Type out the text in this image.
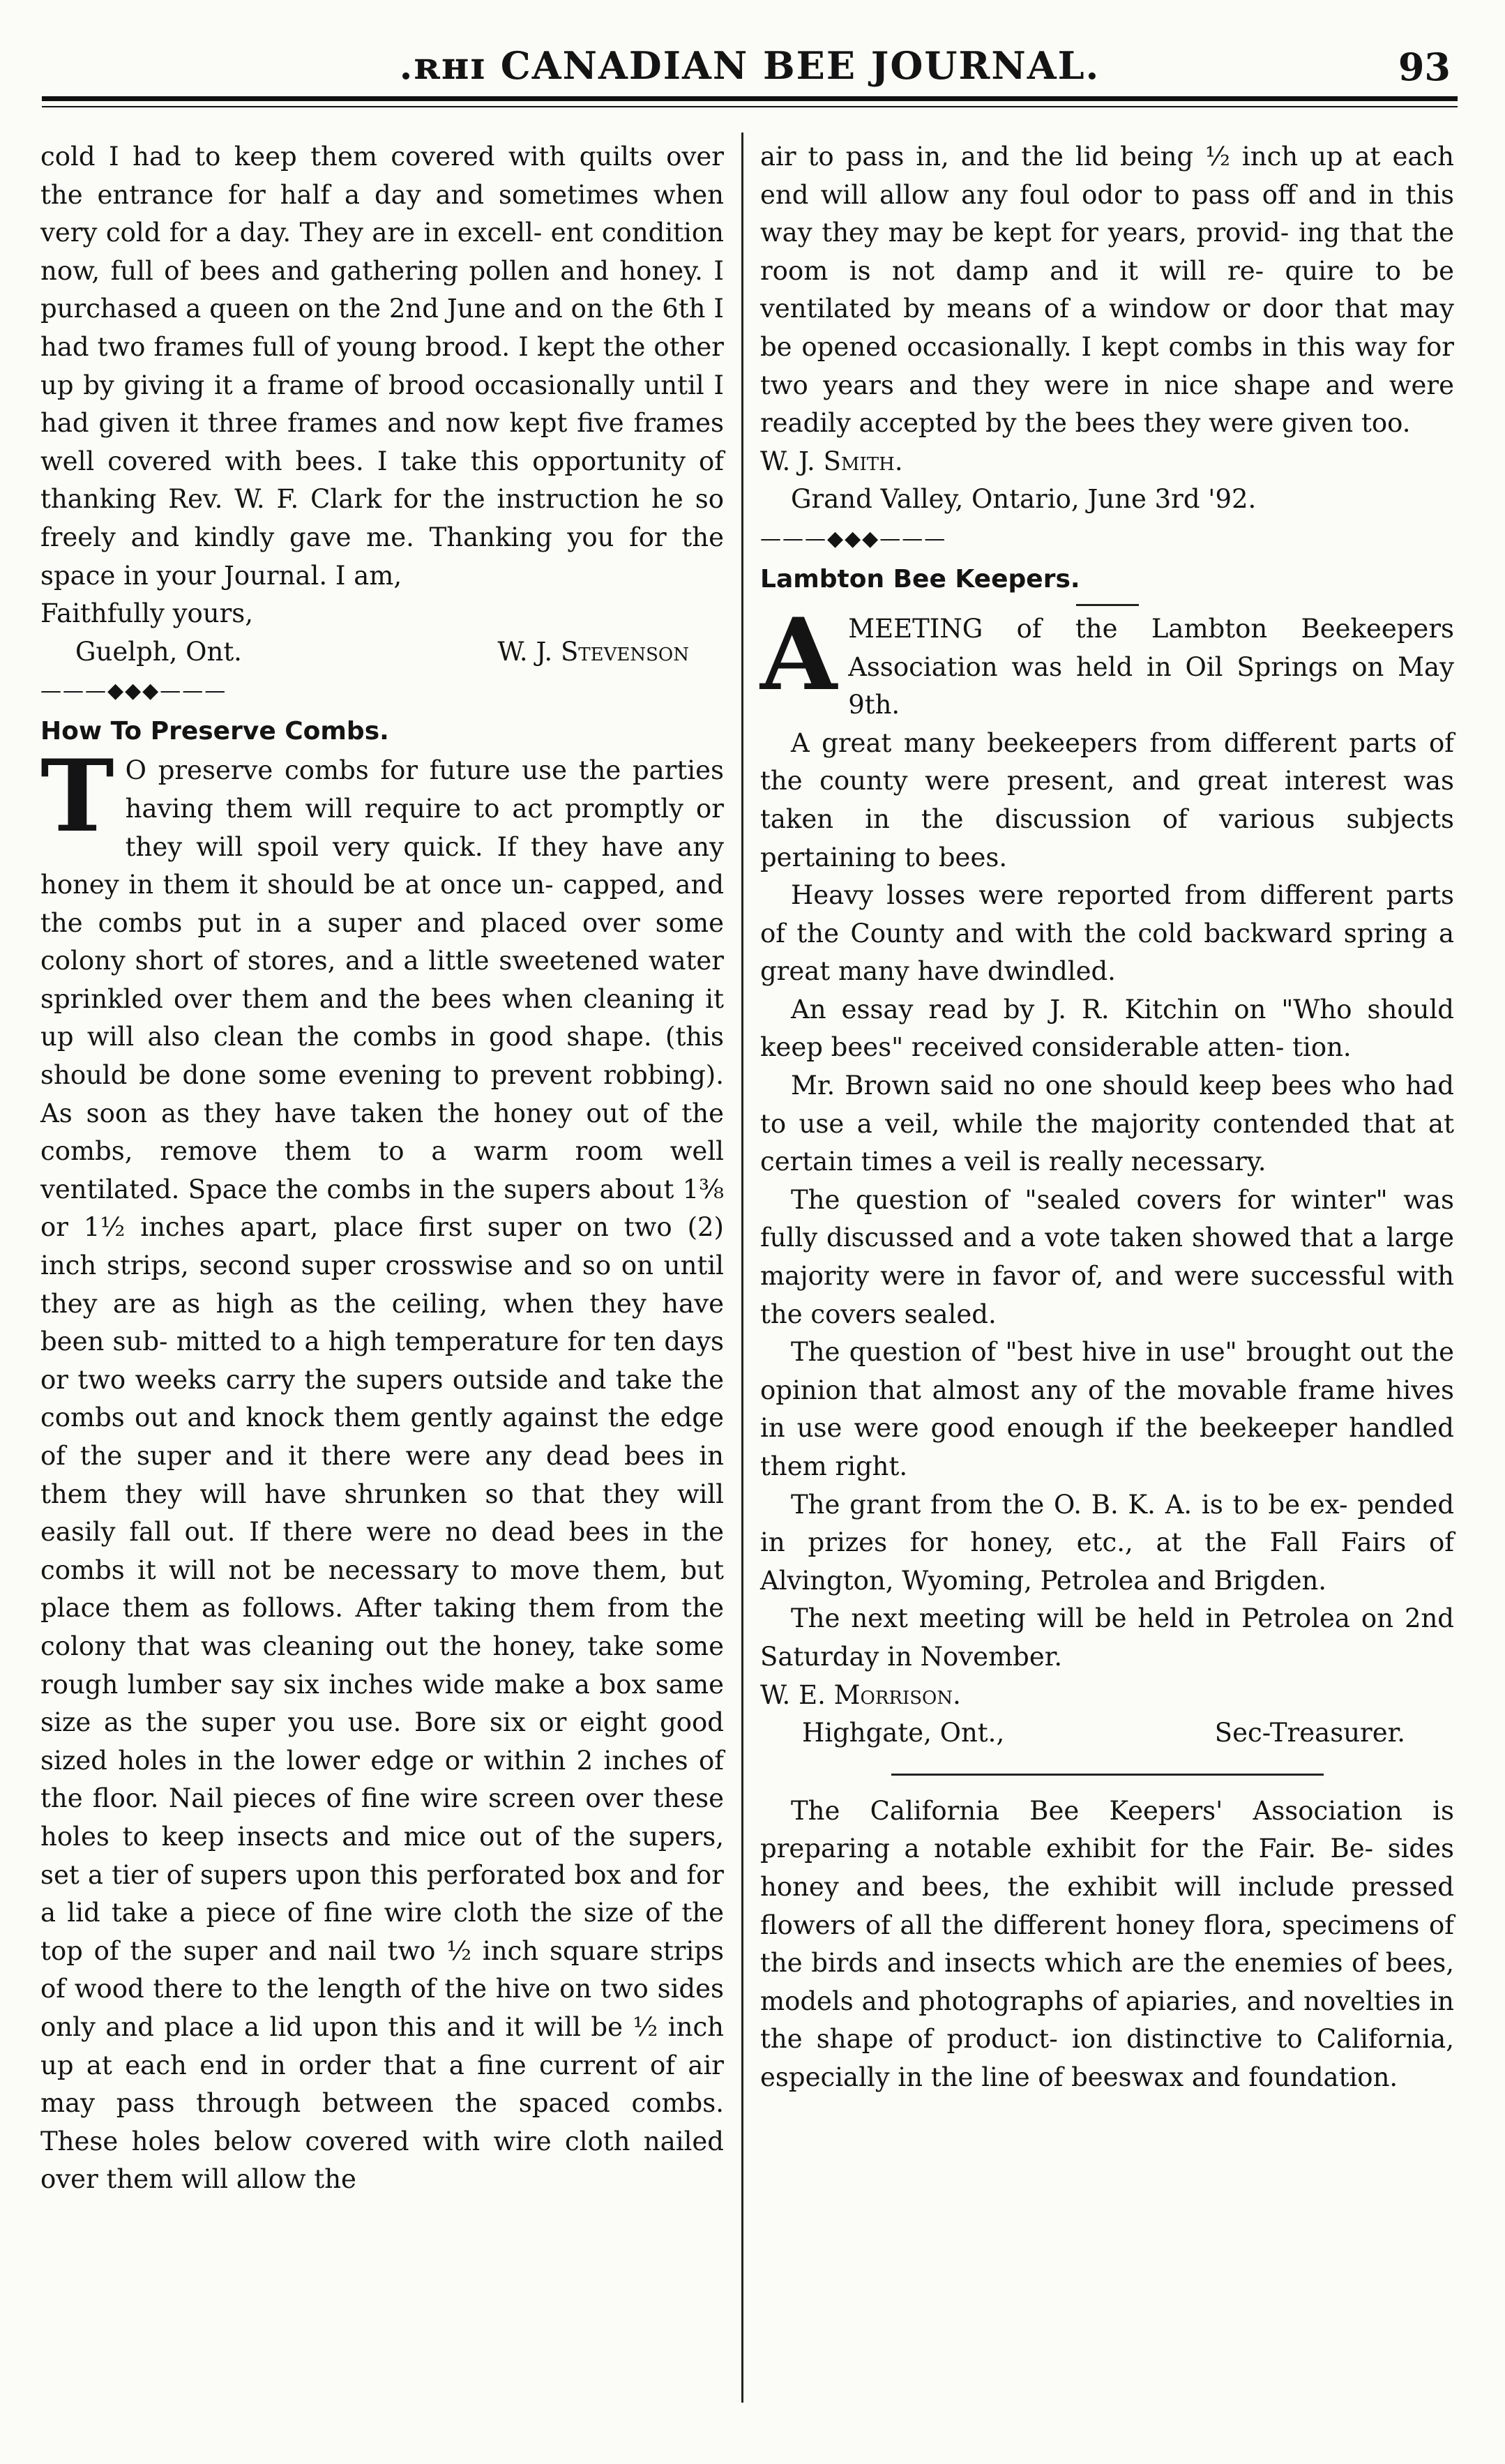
.ʀʜɪ CANADIAN BEE JOURNAL.	93

cold I had to keep them covered with quilts over the entrance for half a day and sometimes when very cold for a day. They are in excell- ent condition now, full of bees and gathering pollen and honey. I purchased a queen on the 2nd June and on the 6th I had two frames full of young brood. I kept the other up by giving it a frame of brood occasionally until I had given it three frames and now kept five frames well covered with bees. I take this opportunity of thanking Rev. W. F. Clark for the instruction he so freely and kindly gave me. Thanking you for the space in your Journal. I am,

Faithfully yours,

Guelph, Ont.	W. J. Stevenson

———◆◆◆———

How To Preserve Combs.

T O preserve combs for future use the parties having them will require to act promptly or they will spoil very quick. If they have any honey in them it should be at once un- capped, and the combs put in a super and placed over some colony short of stores, and a little sweetened water sprinkled over them and the bees when cleaning it up will also clean the combs in good shape. (this should be done some evening to prevent robbing). As soon as they have taken the honey out of the combs, remove them to a warm room well ventilated. Space the combs in the supers about 1⅜ or 1½ inches apart, place first super on two (2) inch strips, second super crosswise and so on until they are as high as the ceiling, when they have been sub- mitted to a high temperature for ten days or two weeks carry the supers outside and take the combs out and knock them gently against the edge of the super and it there were any dead bees in them they will have shrunken so that they will easily fall out. If there were no dead bees in the combs it will not be necessary to move them, but place them as follows. After taking them from the colony that was cleaning out the honey, take some rough lumber say six inches wide make a box same size as the super you use. Bore six or eight good sized holes in the lower edge or within 2 inches of the floor. Nail pieces of fine wire screen over these holes to keep insects and mice out of the supers, set a tier of supers upon this perforated box and for a lid take a piece of fine wire cloth the size of the top of the super and nail two ½ inch square strips of wood there to the length of the hive on two sides only and place a lid upon this and it will be ½ inch up at each end in order that a fine current of air may pass through between the spaced combs. These holes below covered with wire cloth nailed over them will allow the

air to pass in, and the lid being ½ inch up at each end will allow any foul odor to pass off and in this way they may be kept for years, provid- ing that the room is not damp and it will re- quire to be ventilated by means of a window or door that may be opened occasionally. I kept combs in this way for two years and they were in nice shape and were readily accepted by the bees they were given too.

W. J. Smith.

Grand Valley, Ontario, June 3rd '92.

———◆◆◆———

Lambton Bee Keepers.

AMEETING of the Lambton Beekeepers Association was held in Oil Springs on May 9th.

A great many beekeepers from different parts of the county were present, and great interest was taken in the discussion of various subjects pertaining to bees.

Heavy losses were reported from different parts of the County and with the cold backward spring a great many have dwindled.

An essay read by J. R. Kitchin on "Who should keep bees" received considerable atten- tion.

Mr. Brown said no one should keep bees who had to use a veil, while the majority contended that at certain times a veil is really necessary.

The question of "sealed covers for winter" was fully discussed and a vote taken showed that a large majority were in favor of, and were successful with the covers sealed.

The question of "best hive in use" brought out the opinion that almost any of the movable frame hives in use were good enough if the beekeeper handled them right.

The grant from the O. B. K. A. is to be ex- pended in prizes for honey, etc., at the Fall Fairs of Alvington, Wyoming, Petrolea and Brigden.

The next meeting will be held in Petrolea on 2nd Saturday in November.

W. E. Morrison.

Highgate, Ont.,	Sec-Treasurer.

The California Bee Keepers' Association is preparing a notable exhibit for the Fair. Be- sides honey and bees, the exhibit will include pressed flowers of all the different honey flora, specimens of the birds and insects which are the enemies of bees, models and photographs of apiaries, and novelties in the shape of product- ion distinctive to California, especially in the line of beeswax and foundation.
